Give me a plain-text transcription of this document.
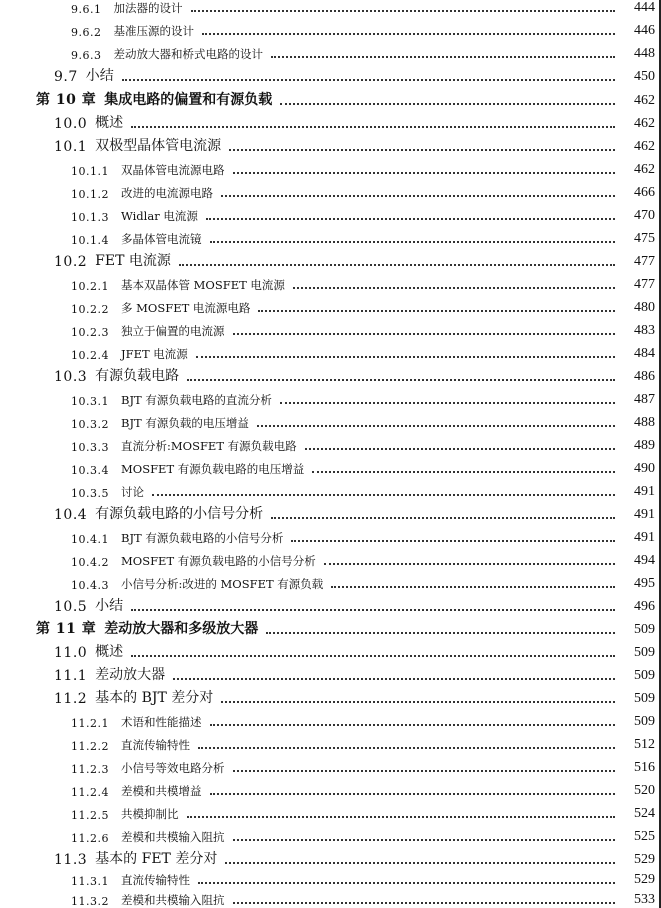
9.6.1 加法器的设计	444
9.6.2 基准压源的设计	446
9.6.3 差动放大器和桥式电路的设计	448
9.7 小结	450
第 10 章 集成电路的偏置和有源负载	462
10.0 概述	462
10.1 双极型晶体管电流源	462
10.1.1 双晶体管电流源电路	462
10.1.2 改进的电流源电路	466
10.1.3 Widlar 电流源	470
10.1.4 多晶体管电流镜	475
10.2 FET 电流源	477
10.2.1 基本双晶体管 MOSFET 电流源	477
10.2.2 多 MOSFET 电流源电路	480
10.2.3 独立于偏置的电流源	483
10.2.4 JFET 电流源	484
10.3 有源负载电路	486
10.3.1 BJT 有源负载电路的直流分析	487
10.3.2 BJT 有源负载的电压增益	488
10.3.3 直流分析:MOSFET 有源负载电路	489
10.3.4 MOSFET 有源负载电路的电压增益	490
10.3.5 讨论	491
10.4 有源负载电路的小信号分析	491
10.4.1 BJT 有源负载电路的小信号分析	491
10.4.2 MOSFET 有源负载电路的小信号分析	494
10.4.3 小信号分析:改进的 MOSFET 有源负载	495
10.5 小结	496
第 11 章 差动放大器和多级放大器	509
11.0 概述	509
11.1 差动放大器	509
11.2 基本的 BJT 差分对	509
11.2.1 术语和性能描述	509
11.2.2 直流传输特性	512
11.2.3 小信号等效电路分析	516
11.2.4 差模和共模增益	520
11.2.5 共模抑制比	524
11.2.6 差模和共模输入阻抗	525
11.3 基本的 FET 差分对	529
11.3.1 直流传输特性	529
11.3.2 差模和共模输入阻抗	533
